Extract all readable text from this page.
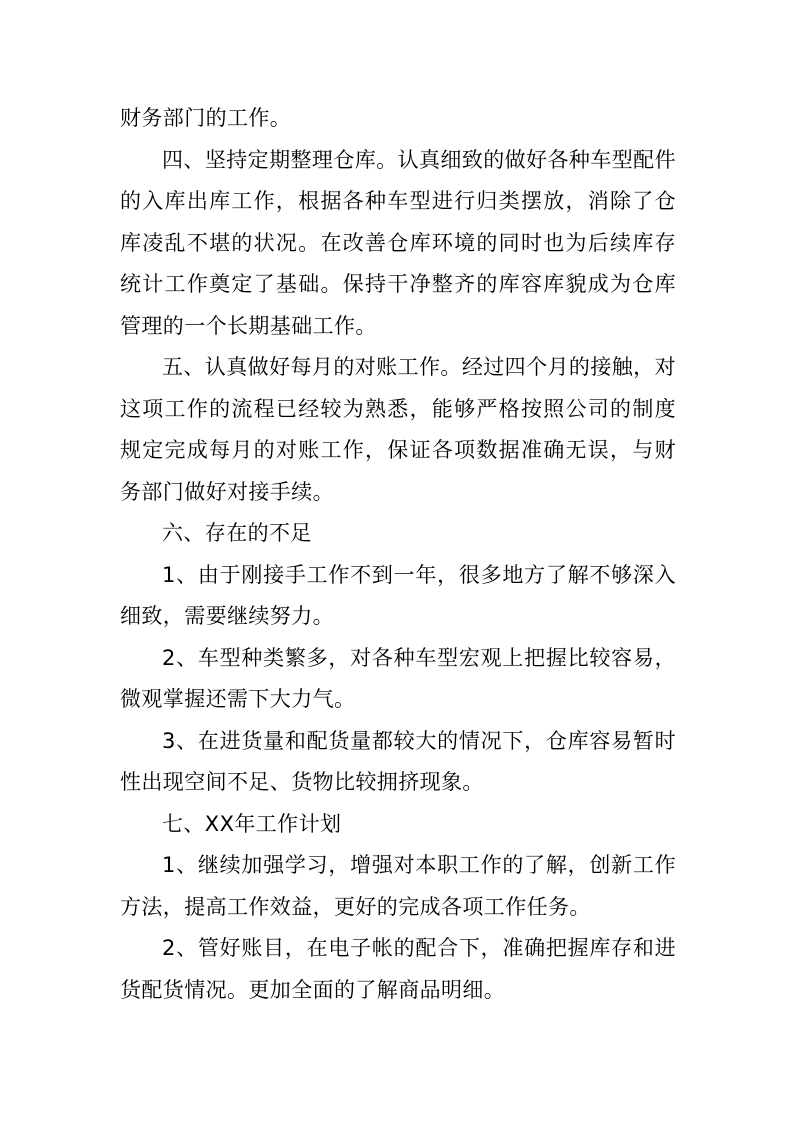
财务部门的工作。

四、坚持定期整理仓库。认真细致的做好各种车型配件的入库出库工作，根据各种车型进行归类摆放，消除了仓库凌乱不堪的状况。在改善仓库环境的同时也为后续库存统计工作奠定了基础。保持干净整齐的库容库貌成为仓库管理的一个长期基础工作。

五、认真做好每月的对账工作。经过四个月的接触，对这项工作的流程已经较为熟悉，能够严格按照公司的制度规定完成每月的对账工作，保证各项数据准确无误，与财务部门做好对接手续。

六、存在的不足

1、由于刚接手工作不到一年，很多地方了解不够深入细致，需要继续努力。

2、车型种类繁多，对各种车型宏观上把握比较容易，微观掌握还需下大力气。

3、在进货量和配货量都较大的情况下，仓库容易暂时性出现空间不足、货物比较拥挤现象。

七、XX年工作计划

1、继续加强学习，增强对本职工作的了解，创新工作方法，提高工作效益，更好的完成各项工作任务。

2、管好账目，在电子帐的配合下，准确把握库存和进货配货情况。更加全面的了解商品明细。
